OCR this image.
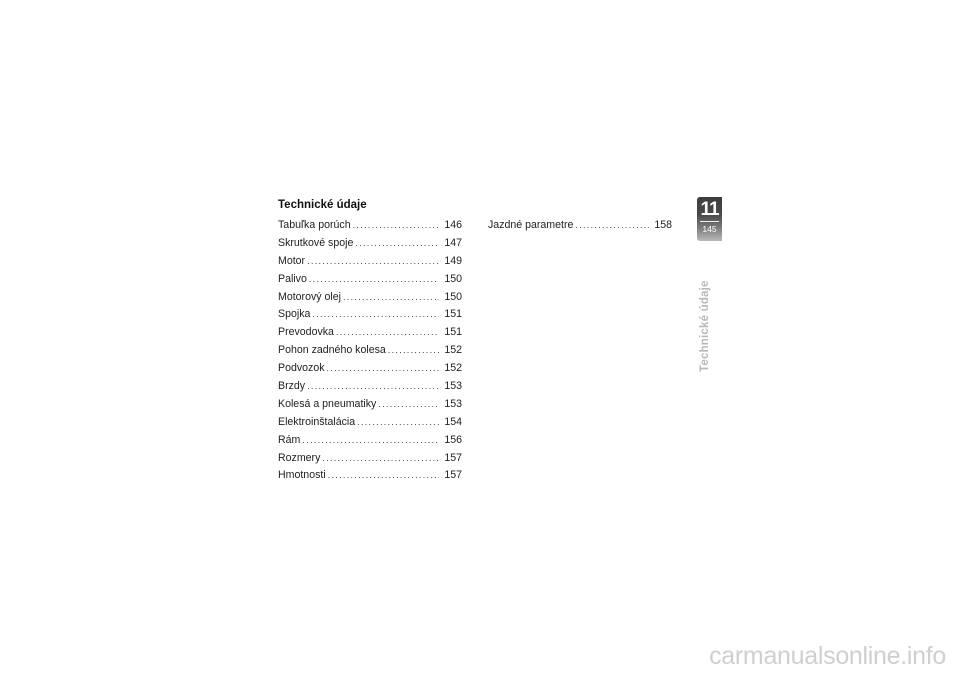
Technické údaje
Tabuľka porúch . . .	146
Skrutkové spoje . . .	147
Motor . . .	149
Palivo . . .	150
Motorový olej . . .	150
Spojka . . .	151
Prevodovka . . .	151
Pohon zadného kolesa . . .	152
Podvozok . . .	152
Brzdy . . .	153
Kolesá a pneumatiky . . .	153
Elektroinštalácia . . .	154
Rám . . .	156
Rozmery . . .	157
Hmotnosti . . .	157
Jazdné parametre . . .	158
11
145
Technické údaje
carmanualsonline.info
